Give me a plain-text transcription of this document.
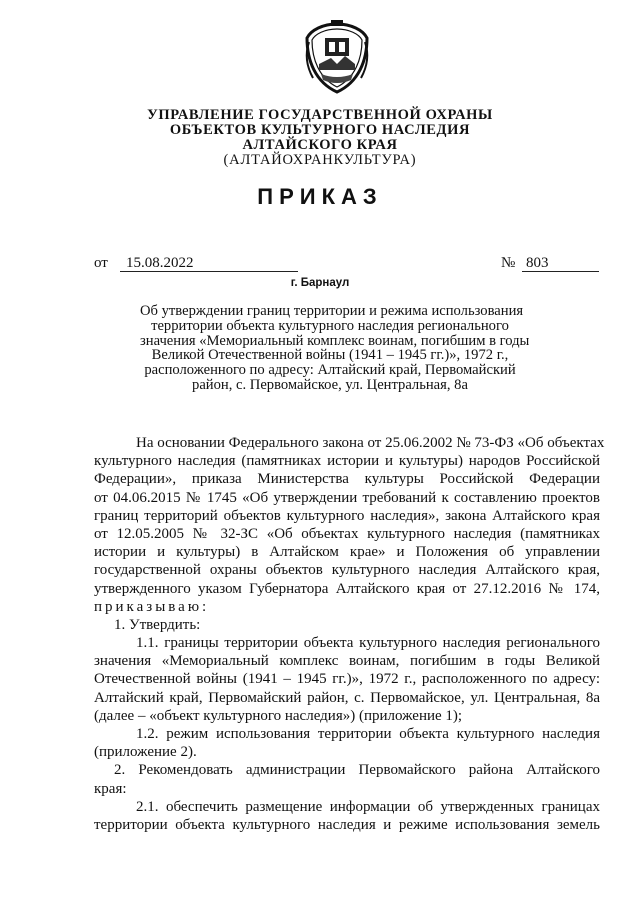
УПРАВЛЕНИЕ ГОСУДАРСТВЕННОЙ ОХРАНЫ
ОБЪЕКТОВ КУЛЬТУРНОГО НАСЛЕДИЯ
АЛТАЙСКОГО КРАЯ
(АЛТАЙОХРАНКУЛЬТУРА)
ПРИКАЗ
от	15.08.2022	№ 803
г. Барнаул
Об утверждении границ территории и режима использования
территории объекта культурного наследия регионального
значения «Мемориальный комплекс воинам, погибшим в годы
Великой Отечественной войны (1941 – 1945 гг.)», 1972 г.,
расположенного по адресу: Алтайский край, Первомайский
район, с. Первомайское, ул. Центральная, 8а
На основании Федерального закона от 25.06.2002 № 73-ФЗ «Об объектах
культурного наследия (памятниках истории и культуры) народов Российской
Федерации», приказа Министерства культуры Российской Федерации
от 04.06.2015 № 1745 «Об утверждении требований к составлению проектов
границ территорий объектов культурного наследия», закона Алтайского края
от 12.05.2005 № 32-ЗС «Об объектах культурного наследия (памятниках
истории и культуры) в Алтайском крае» и Положения об управлении
государственной охраны объектов культурного наследия Алтайского края,
утвержденного указом Губернатора Алтайского края от 27.12.2016 № 174,
приказываю:
1. Утвердить:
1.1. границы территории объекта культурного наследия регионального
значения «Мемориальный комплекс воинам, погибшим в годы Великой
Отечественной войны (1941 – 1945 гг.)», 1972 г., расположенного по адресу:
Алтайский край, Первомайский район, с. Первомайское, ул. Центральная, 8а
(далее – «объект культурного наследия») (приложение 1);
1.2. режим использования территории объекта культурного наследия
(приложение 2).
2. Рекомендовать администрации Первомайского района Алтайского
края:
2.1. обеспечить размещение информации об утвержденных границах
территории объекта культурного наследия и режиме использования земель
